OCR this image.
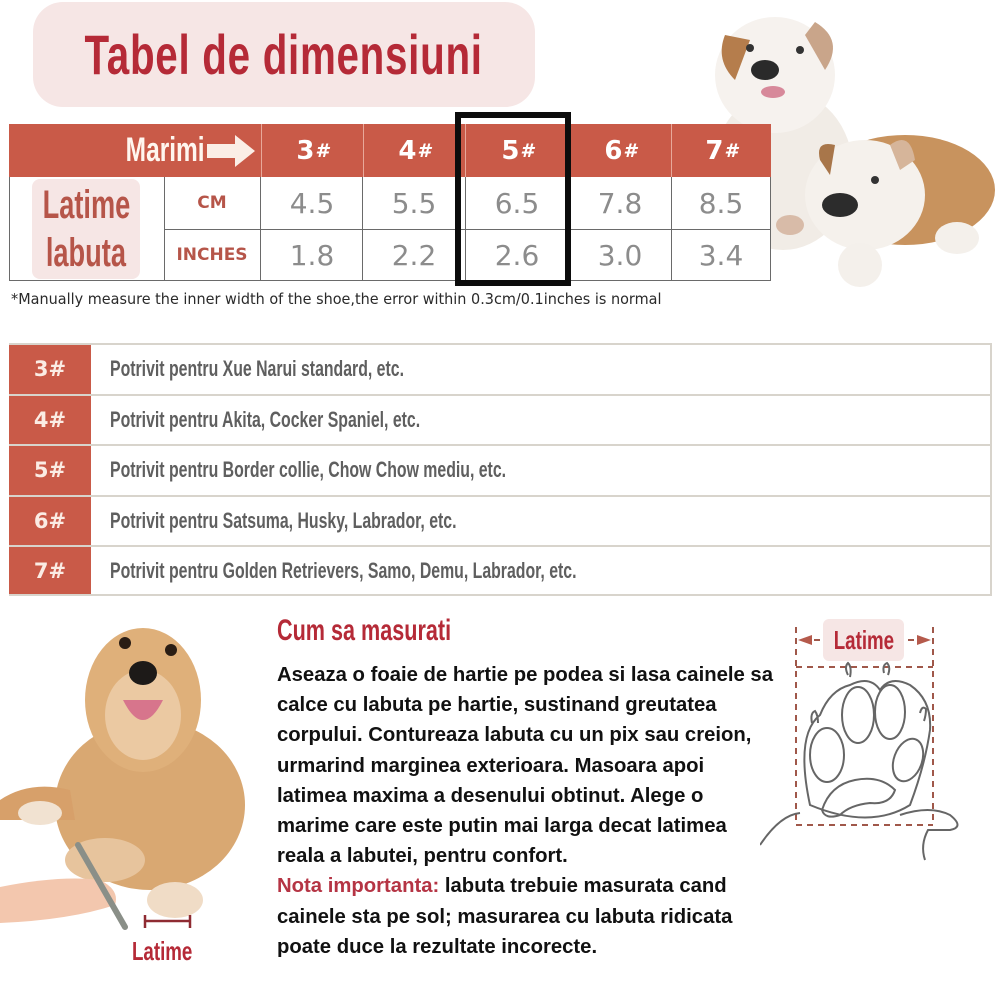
Tabel de dimensiuni
Marimi	3 #	4 #	5 #	6 #	7 #
Latime
labuta
CM	4.5	5.5	6.5	7.8	8.5
INCHES	1.8	2.2	2.6	3.0	3.4
*Manually measure the inner width of the shoe,the error within 0.3cm/0.1inches is normal
3#	Potrivit pentru Xue Narui standard, etc.
4#	Potrivit pentru Akita, Cocker Spaniel, etc.
5#	Potrivit pentru Border collie, Chow Chow mediu, etc.
6#	Potrivit pentru Satsuma, Husky, Labrador, etc.
7#	Potrivit pentru Golden Retrievers, Samo, Demu, Labrador, etc.
Latime
Cum sa masurati
Aseaza o foaie de hartie pe podea si lasa cainele sa calce cu labuta pe hartie, sustinand greutatea corpului. Contureaza labuta cu un pix sau creion, urmarind marginea exterioara. Masoara apoi latimea maxima a desenului obtinut. Alege o marime care este putin mai larga decat latimea reala a labutei, pentru confort.
Nota importanta: labuta trebuie masurata cand cainele sta pe sol; masurarea cu labuta ridicata poate duce la rezultate incorecte.
Latime
